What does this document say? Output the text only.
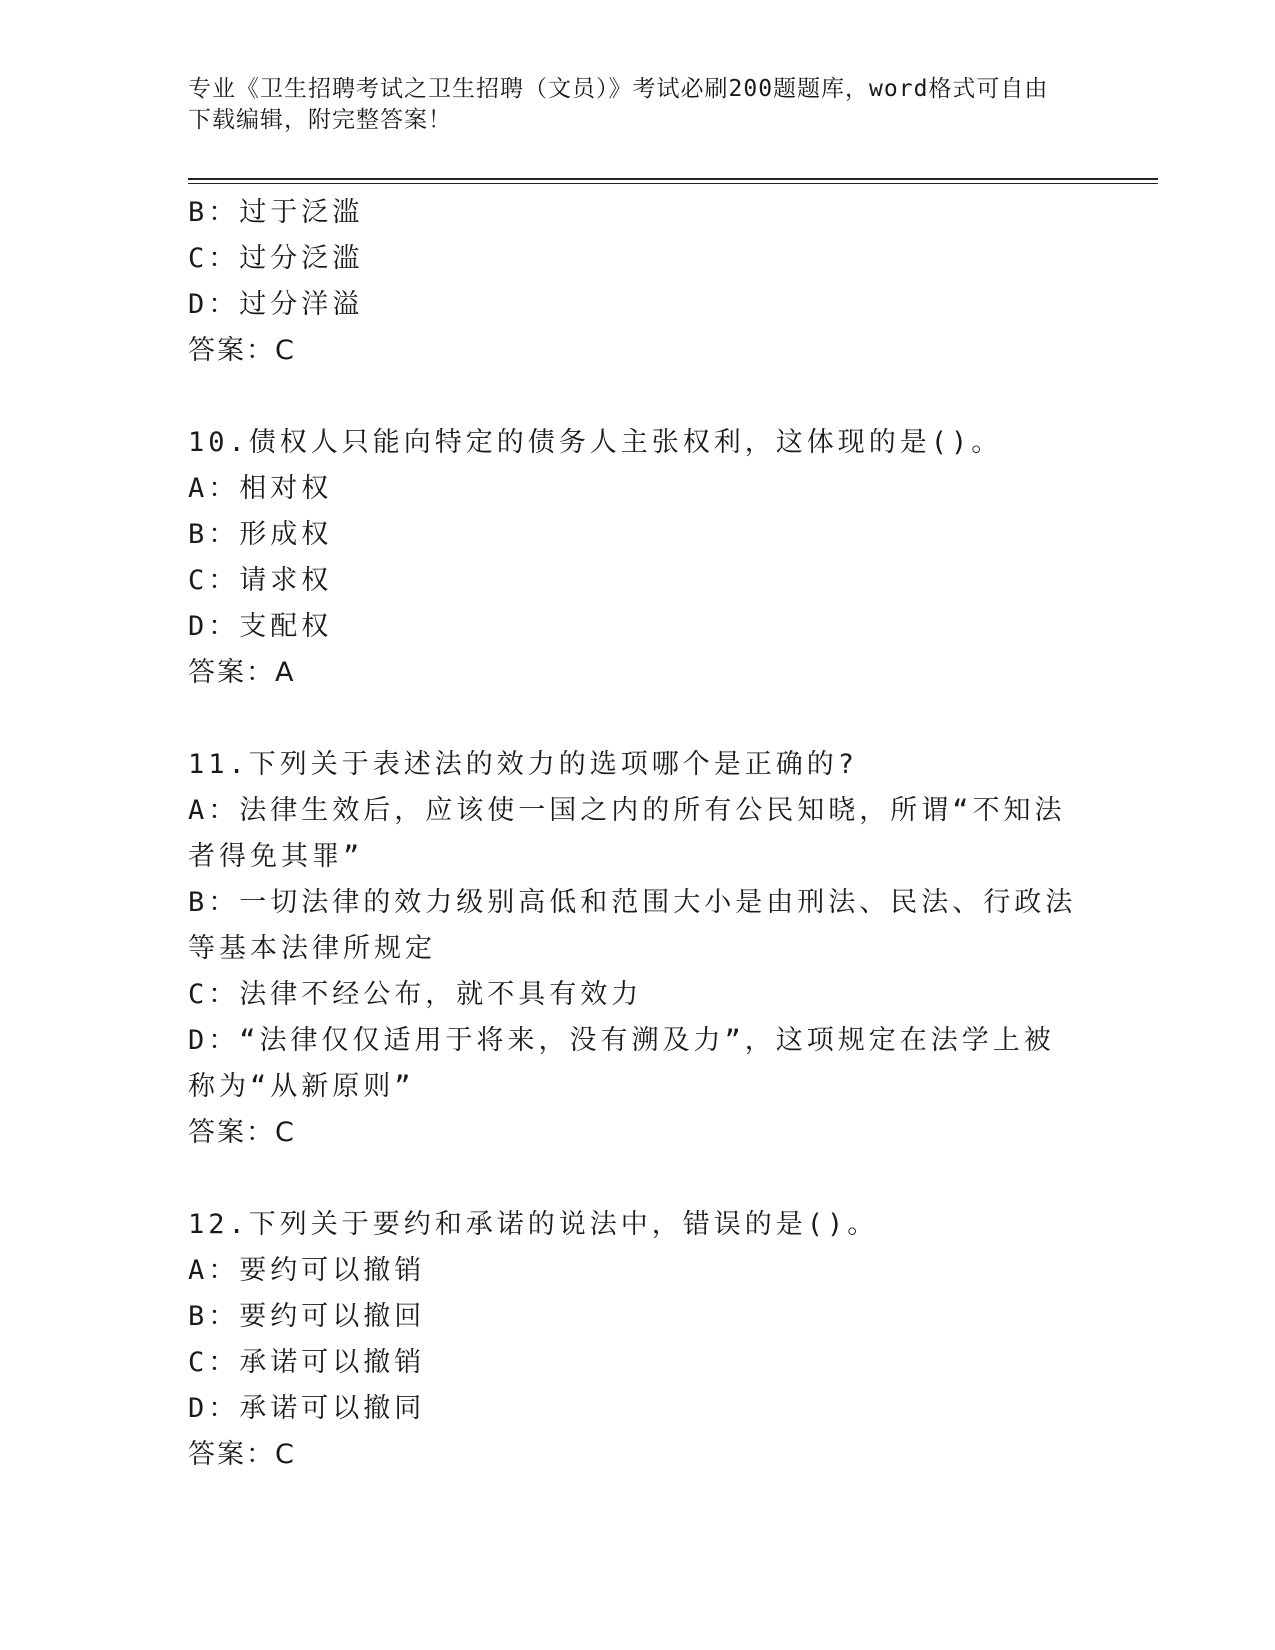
专业《卫生招聘考试之卫生招聘（文员）》考试必刷200题题库，word格式可自由下载编辑，附完整答案！
B：过于泛滥
C：过分泛滥
D：过分洋溢
答案：C
10.债权人只能向特定的债务人主张权利，这体现的是()。
A：相对权
B：形成权
C：请求权
D：支配权
答案：A
11.下列关于表述法的效力的选项哪个是正确的?
A：法律生效后，应该使一国之内的所有公民知晓，所谓“不知法者得免其罪”
B：一切法律的效力级别高低和范围大小是由刑法、民法、行政法等基本法律所规定
C：法律不经公布，就不具有效力
D：“法律仅仅适用于将来，没有溯及力”，这项规定在法学上被称为“从新原则”
答案：C
12.下列关于要约和承诺的说法中，错误的是()。
A：要约可以撤销
B：要约可以撤回
C：承诺可以撤销
D：承诺可以撤同
答案：C
